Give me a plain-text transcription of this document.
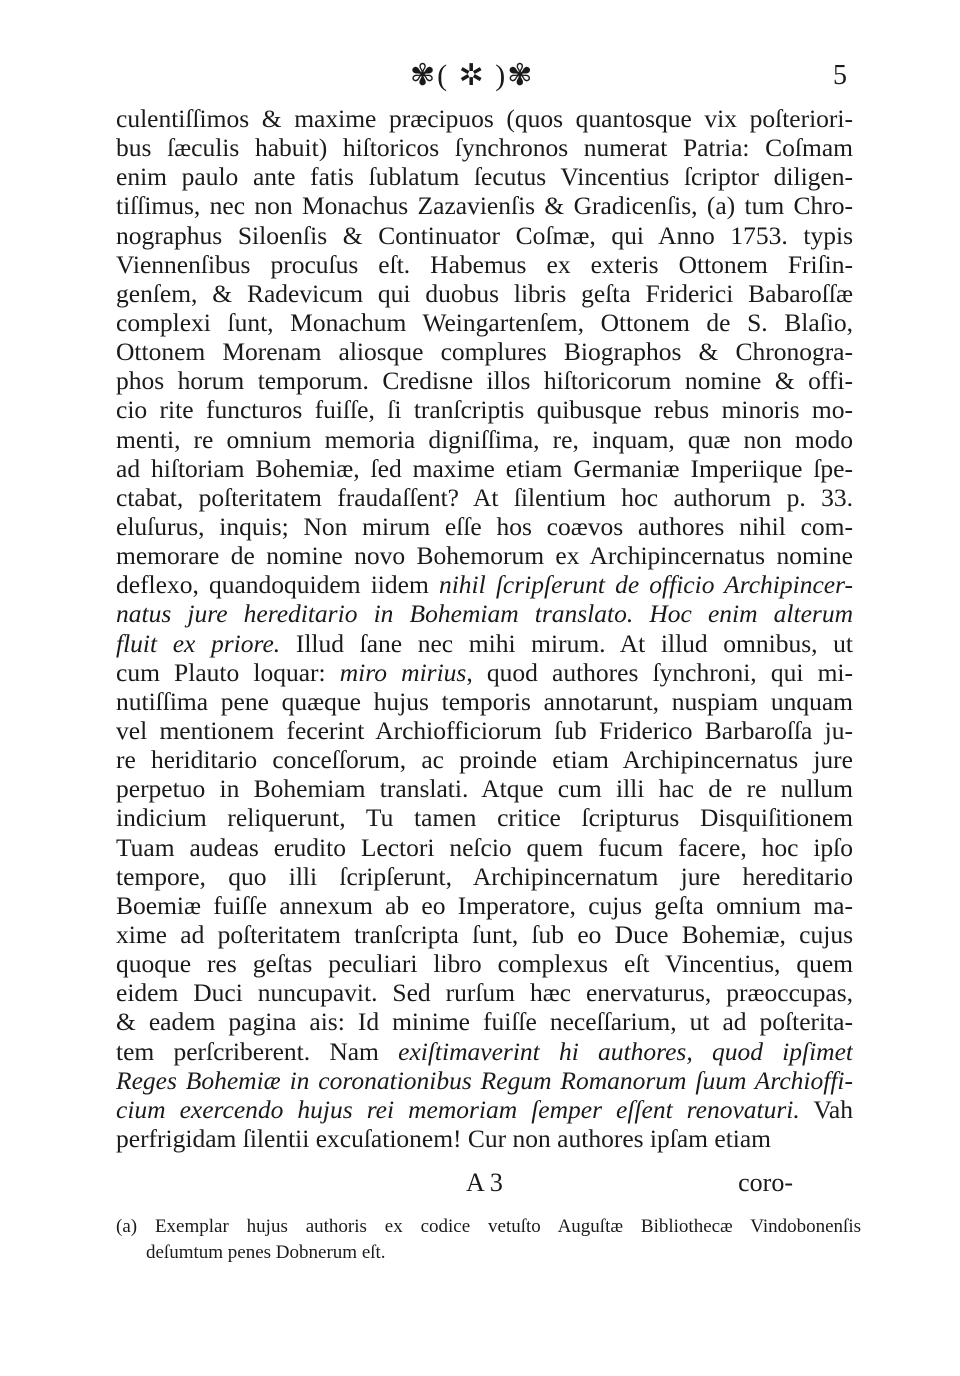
✾( ✲ )✾	5
culentiſſimos & maxime præcipuos (quos quantosque vix poſteriori-
bus ſæculis habuit) hiſtoricos ſynchronos numerat Patria: Coſmam
enim paulo ante fatis ſublatum ſecutus Vincentius ſcriptor diligen-
tiſſimus, nec non Monachus Zazavienſis & Gradicenſis, (a) tum Chro-
nographus Siloenſis & Continuator Coſmæ, qui Anno 1753. typis
Viennenſibus procuſus eſt. Habemus ex exteris Ottonem Friſin-
genſem, & Radevicum qui duobus libris geſta Friderici Babaroſſæ
complexi ſunt, Monachum Weingartenſem, Ottonem de S. Blaſio,
Ottonem Morenam aliosque complures Biographos & Chronogra-
phos horum temporum. Credisne illos hiſtoricorum nomine & offi-
cio rite functuros fuiſſe, ſi tranſcriptis quibusque rebus minoris mo-
menti, re omnium memoria digniſſima, re, inquam, quæ non modo
ad hiſtoriam Bohemiæ, ſed maxime etiam Germaniæ Imperiique ſpe-
ctabat, poſteritatem fraudaſſent? At ſilentium hoc authorum p. 33.
eluſurus, inquis; Non mirum eſſe hos coævos authores nihil com-
memorare de nomine novo Bohemorum ex Archipincernatus nomine
deflexo, quandoquidem iidem nihil ſcripſerunt de officio Archipincer-
natus jure hereditario in Bohemiam translato. Hoc enim alterum
fluit ex priore. Illud ſane nec mihi mirum. At illud omnibus, ut
cum Plauto loquar: miro mirius, quod authores ſynchroni, qui mi-
nutiſſima pene quæque hujus temporis annotarunt, nuspiam unquam
vel mentionem fecerint Archiofficiorum ſub Friderico Barbaroſſa ju-
re heriditario conceſſorum, ac proinde etiam Archipincernatus jure
perpetuo in Bohemiam translati. Atque cum illi hac de re nullum
indicium reliquerunt, Tu tamen critice ſcripturus Disquiſitionem
Tuam audeas erudito Lectori neſcio quem fucum facere, hoc ipſo
tempore, quo illi ſcripſerunt, Archipincernatum jure hereditario
Boemiæ fuiſſe annexum ab eo Imperatore, cujus geſta omnium ma-
xime ad poſteritatem tranſcripta ſunt, ſub eo Duce Bohemiæ, cujus
quoque res geſtas peculiari libro complexus eſt Vincentius, quem
eidem Duci nuncupavit. Sed rurſum hæc enervaturus, præoccupas,
& eadem pagina ais: Id minime fuiſſe neceſſarium, ut ad poſterita-
tem perſcriberent. Nam exiſtimaverint hi authores, quod ipſimet
Reges Bohemiæ in coronationibus Regum Romanorum ſuum Archioffi-
cium exercendo hujus rei memoriam ſemper eſſent renovaturi. Vah
perfrigidam ſilentii excuſationem! Cur non authores ipſam etiam
A 3	coro-
(a) Exemplar hujus authoris ex codice vetuſto Auguſtæ Bibliothecæ Vindobonenſis
deſumtum penes Dobnerum eſt.
